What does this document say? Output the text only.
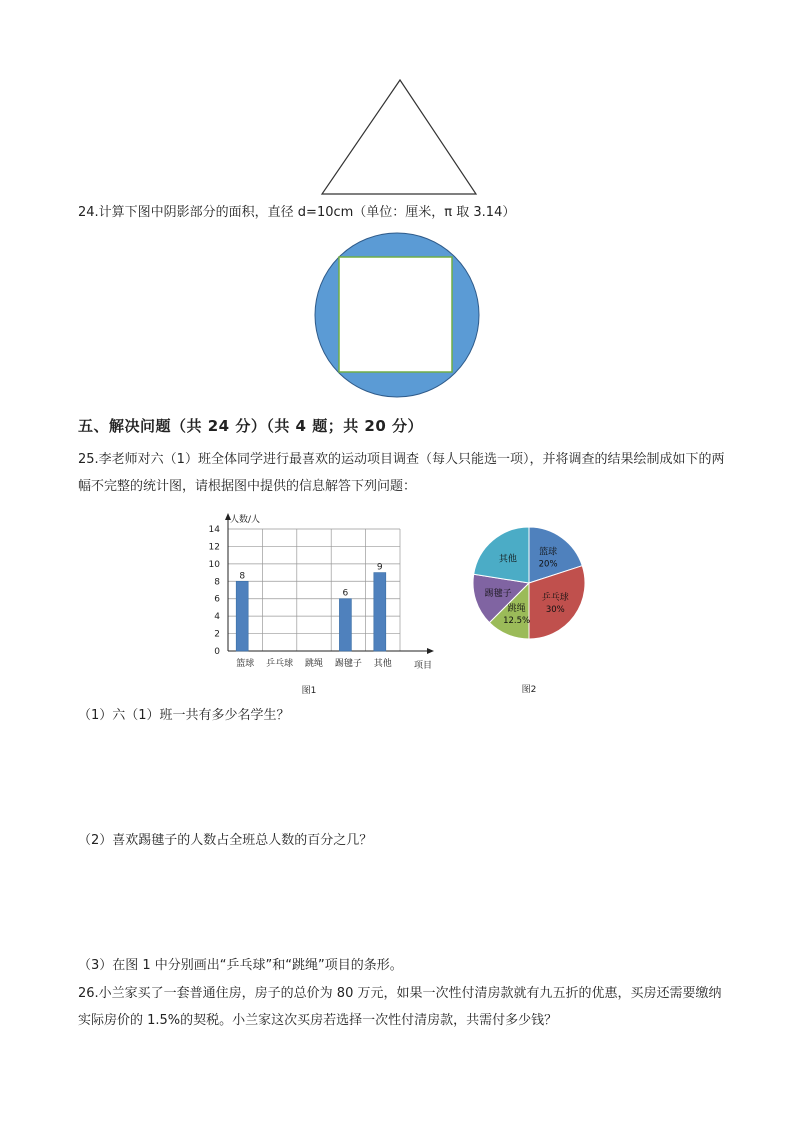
24.计算下图中阴影部分的面积，直径 d=10cm（单位：厘米，π 取 3.14）
五、解决问题（共 24 分）（共 4 题；共 20 分）
25.李老师对六（1）班全体同学进行最喜欢的运动项目调查（每人只能选一项），并将调查的结果绘制成如下的两幅不完整的统计图，请根据图中提供的信息解答下列问题：
0
2
4
6
8
10
12
14
人数/人
项目
篮球
8
乒乓球 跳绳 踢毽子
6
其他
9
图1
篮球
20%
乒乓球
30%
跳绳
12.5%
踢毽子
其他
图2
（1）六（1）班一共有多少名学生？
（2）喜欢踢毽子的人数占全班总人数的百分之几？
（3）在图 1 中分别画出“乒乓球”和“跳绳”项目的条形。
26.小兰家买了一套普通住房，房子的总价为 80 万元，如果一次性付清房款就有九五折的优惠，买房还需要缴纳实际房价的 1.5%的契税。小兰家这次买房若选择一次性付清房款，共需付多少钱？
